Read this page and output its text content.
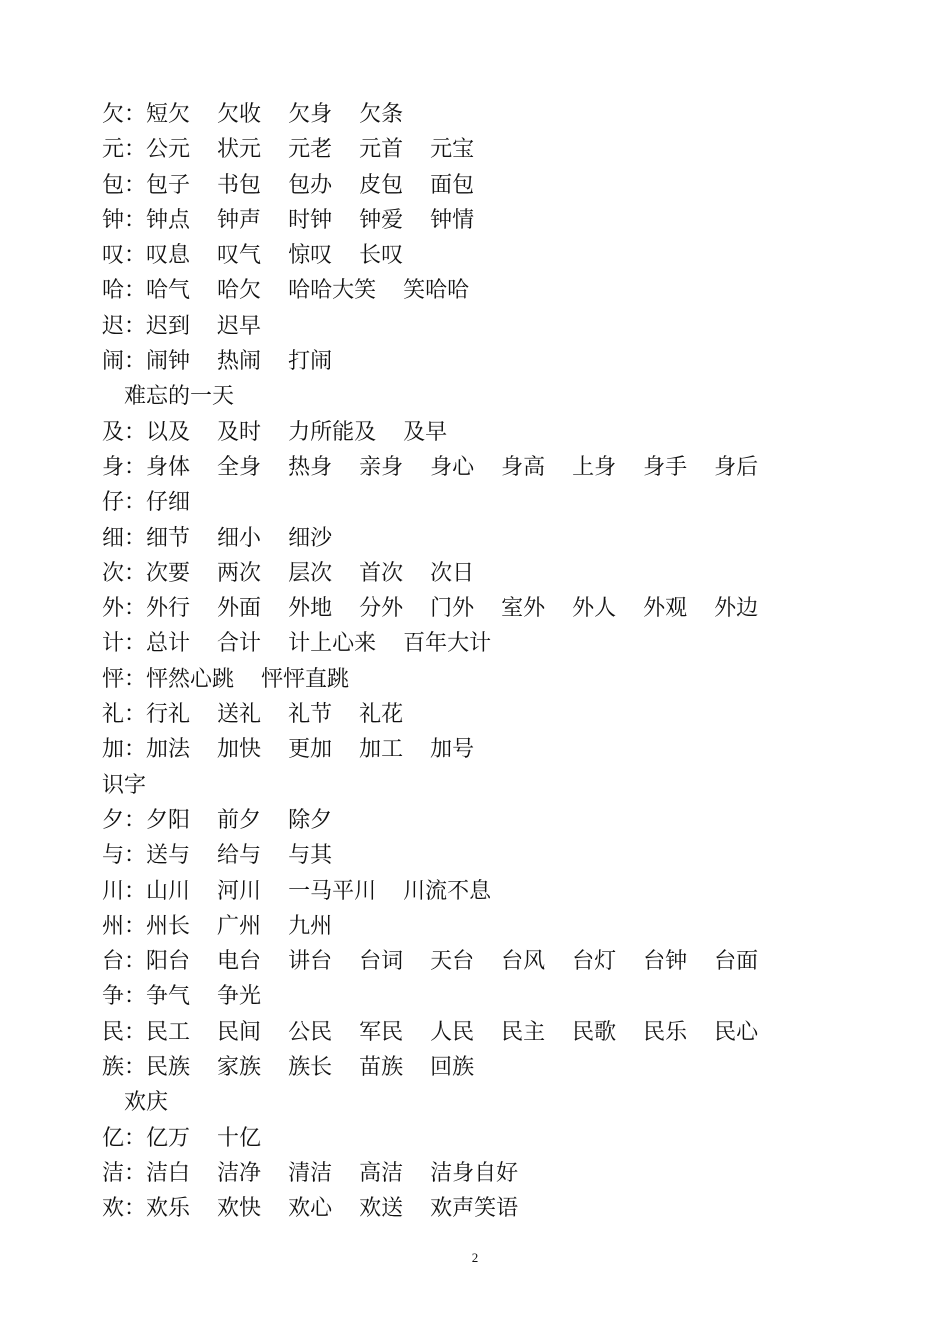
欠：短欠 欠收 欠身 欠条
元：公元 状元 元老 元首 元宝
包：包子 书包 包办 皮包 面包
钟：钟点 钟声 时钟 钟爱 钟情
叹：叹息 叹气 惊叹 长叹
哈：哈气 哈欠 哈哈大笑 笑哈哈
迟：迟到 迟早
闹：闹钟 热闹 打闹
难忘的一天
及：以及 及时 力所能及 及早
身：身体 全身 热身 亲身 身心 身高 上身 身手 身后
仔：仔细
细：细节 细小 细沙
次：次要 两次 层次 首次 次日
外：外行 外面 外地 分外 门外 室外 外人 外观 外边
计：总计 合计 计上心来 百年大计
怦：怦然心跳 怦怦直跳
礼：行礼 送礼 礼节 礼花
加：加法 加快 更加 加工 加号
识字
夕：夕阳 前夕 除夕
与：送与 给与 与其
川：山川 河川 一马平川 川流不息
州：州长 广州 九州
台：阳台 电台 讲台 台词 天台 台风 台灯 台钟 台面
争：争气 争光
民：民工 民间 公民 军民 人民 民主 民歌 民乐 民心
族：民族 家族 族长 苗族 回族
欢庆
亿：亿万 十亿
洁：洁白 洁净 清洁 高洁 洁身自好
欢：欢乐 欢快 欢心 欢送 欢声笑语
2
